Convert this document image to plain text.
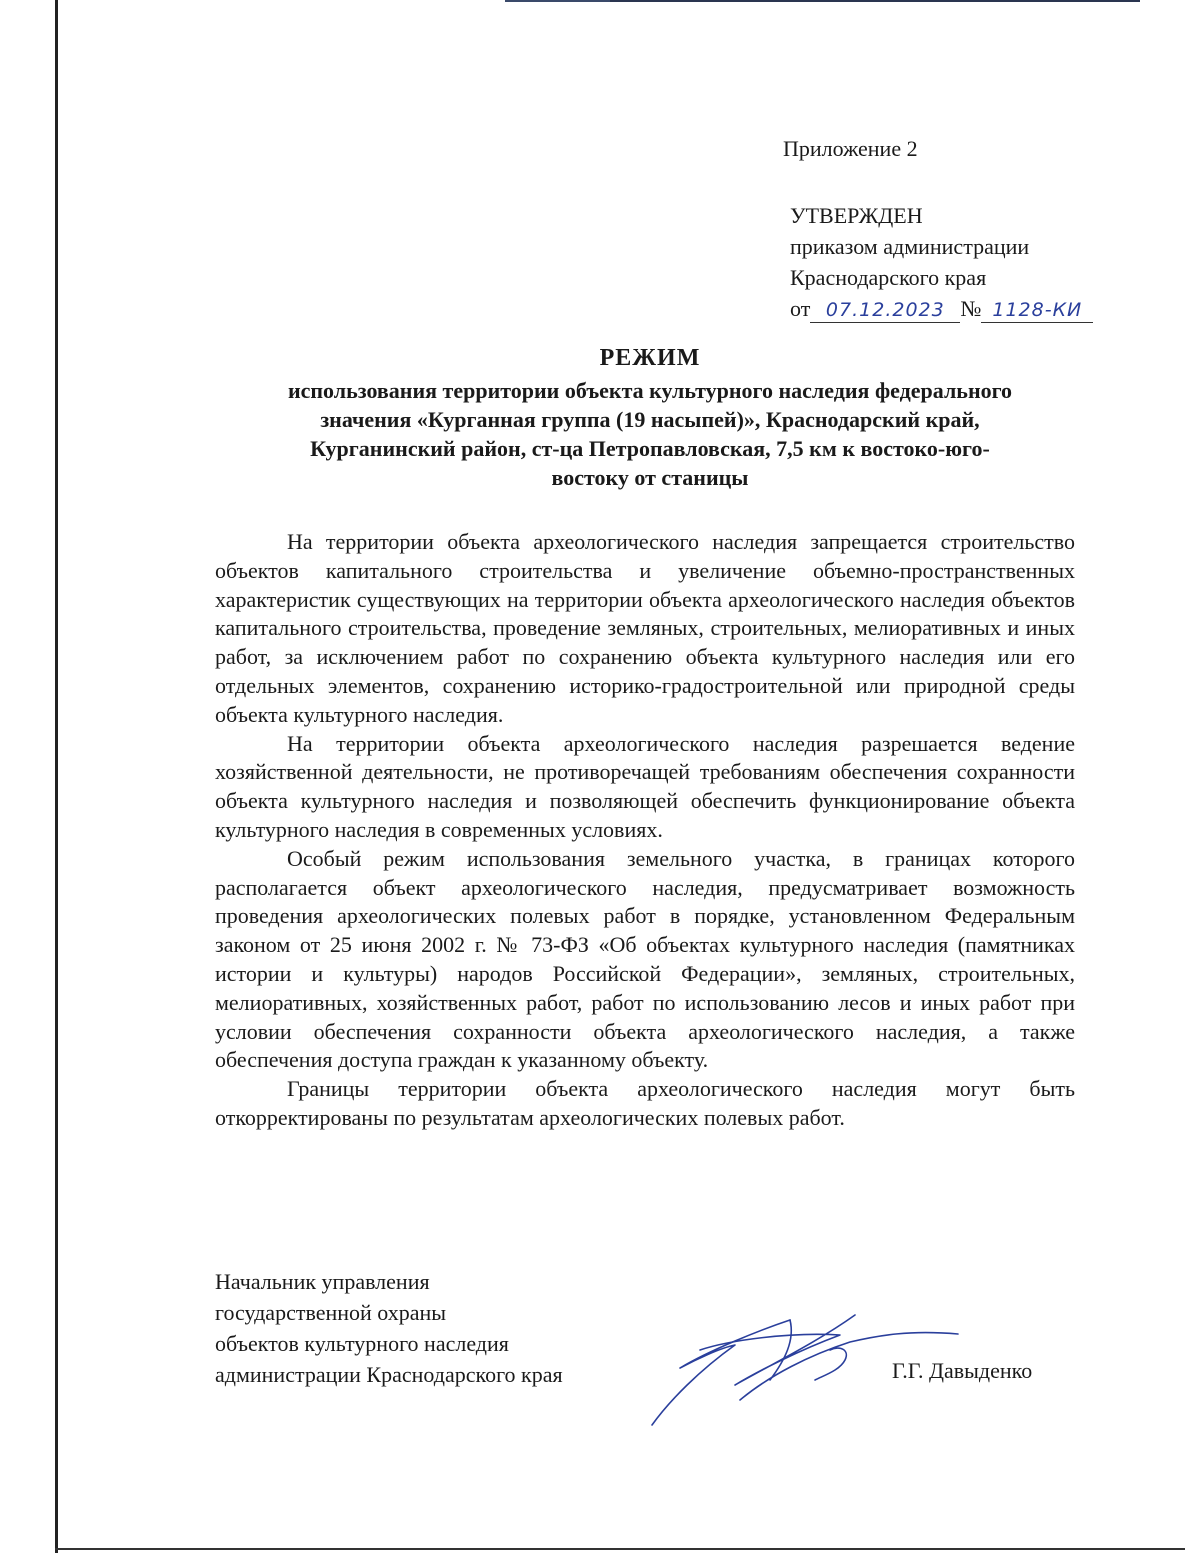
Приложение 2
УТВЕРЖДЕН
приказом администрации
Краснодарского края
от 07.12.2023 № 1128-КИ
РЕЖИМ
использования территории объекта культурного наследия федерального
значения «Курганная группа (19 насыпей)», Краснодарский край,
Курганинский район, ст-ца Петропавловская, 7,5 км к востоко-юго-
востоку от станицы

На территории объекта археологического наследия запрещается строительство объектов капитального строительства и увеличение объемно-пространственных характеристик существующих на территории объекта археологического наследия объектов капитального строительства, проведение земляных, строительных, мелиоративных и иных работ, за исключением работ по сохранению объекта культурного наследия или его отдельных элементов, сохранению историко-градостроительной или природной среды объекта культурного наследия.

На территории объекта археологического наследия разрешается ведение хозяйственной деятельности, не противоречащей требованиям обеспечения сохранности объекта культурного наследия и позволяющей обеспечить функционирование объекта культурного наследия в современных условиях.

Особый режим использования земельного участка, в границах которого располагается объект археологического наследия, предусматривает возможность проведения археологических полевых работ в порядке, установленном Федеральным законом от 25 июня 2002 г. № 73-ФЗ «Об объектах культурного наследия (памятниках истории и культуры) народов Российской Федерации», земляных, строительных, мелиоративных, хозяйственных работ, работ по использованию лесов и иных работ при условии обеспечения сохранности объекта археологического наследия, а также обеспечения доступа граждан к указанному объекту.

Границы территории объекта археологического наследия могут быть откорректированы по результатам археологических полевых работ.

Начальник управления
государственной охраны
объектов культурного наследия
администрации Краснодарского края	Г.Г. Давыденко
